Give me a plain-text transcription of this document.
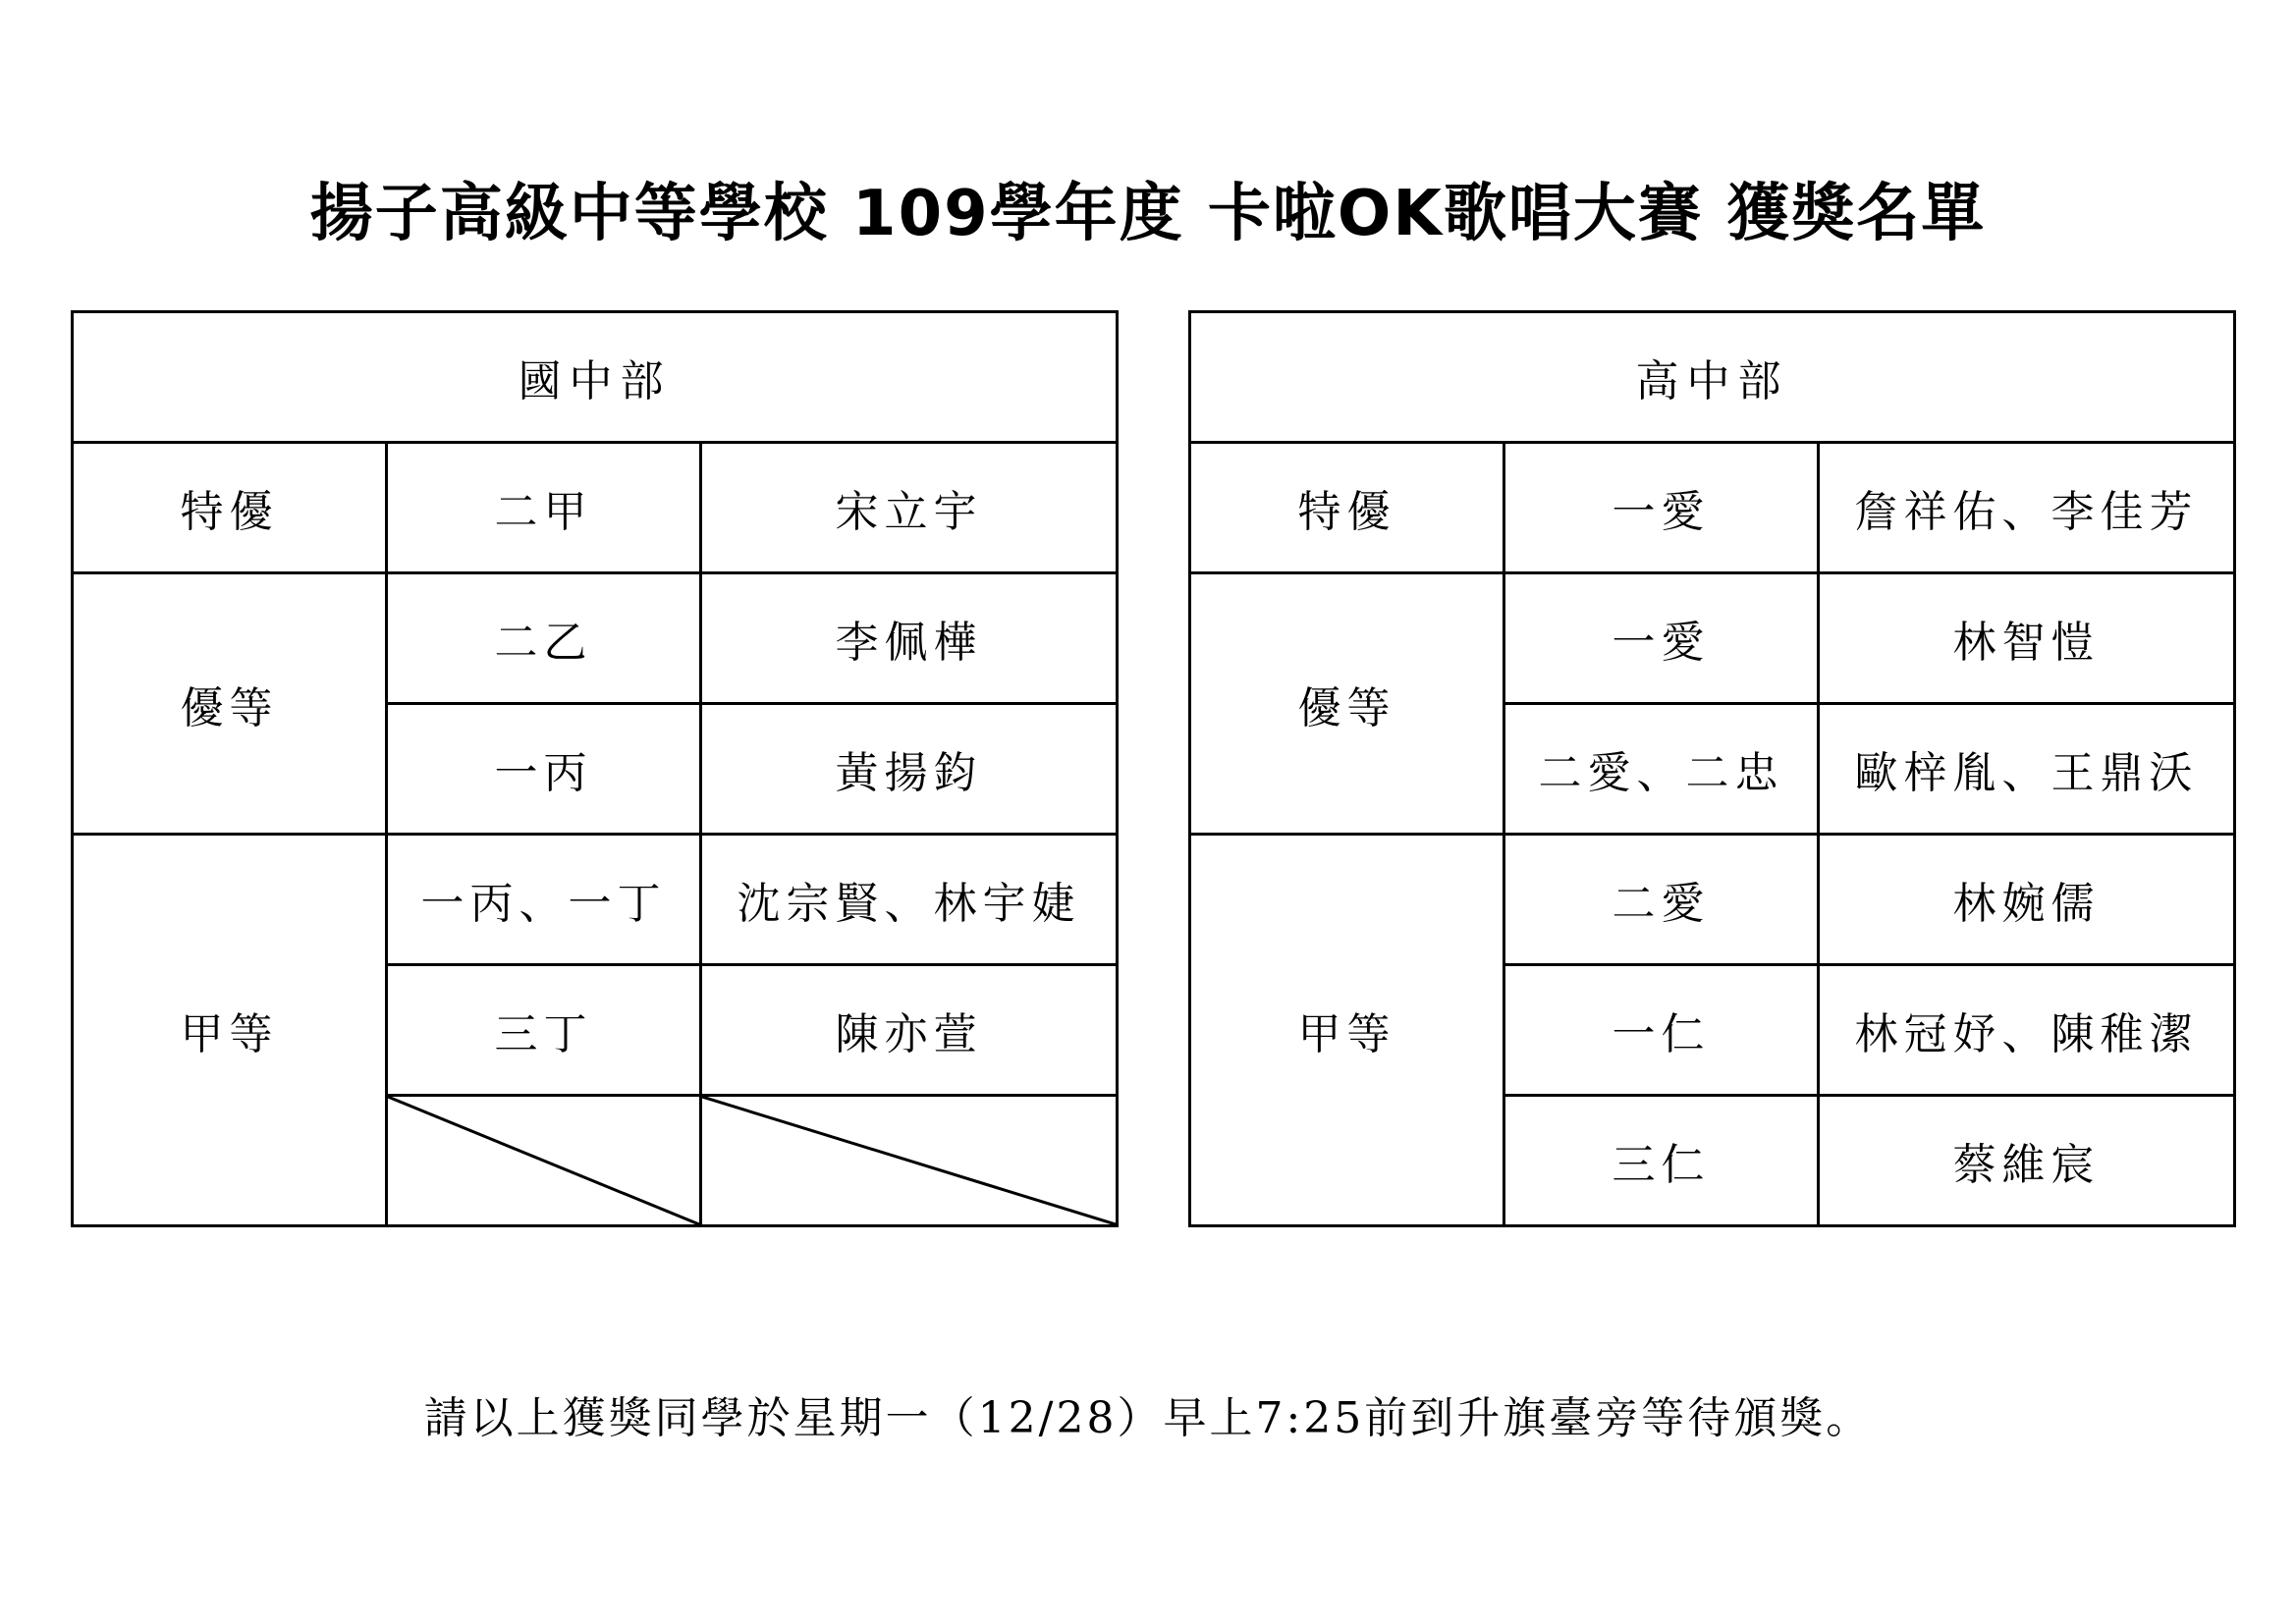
揚子高級中等學校 109學年度 卡啦OK歌唱大賽 獲獎名單
國中部		
特優	二甲	宋立宇
優等	二乙	李佩樺
	一丙	黃揚鈞
甲等	一丙、一丁	沈宗賢、林宇婕
	三丁	陳亦萱

高中部		
特優	一愛	詹祥佑、李佳芳
優等	一愛	林智愷
	二愛、二忠	歐梓胤、王鼎沃
甲等	二愛	林婉儒
	一仁	林冠妤、陳稚潔
	三仁	蔡維宸
請以上獲獎同學於星期一（12/28）早上7:25前到升旗臺旁等待頒獎。
